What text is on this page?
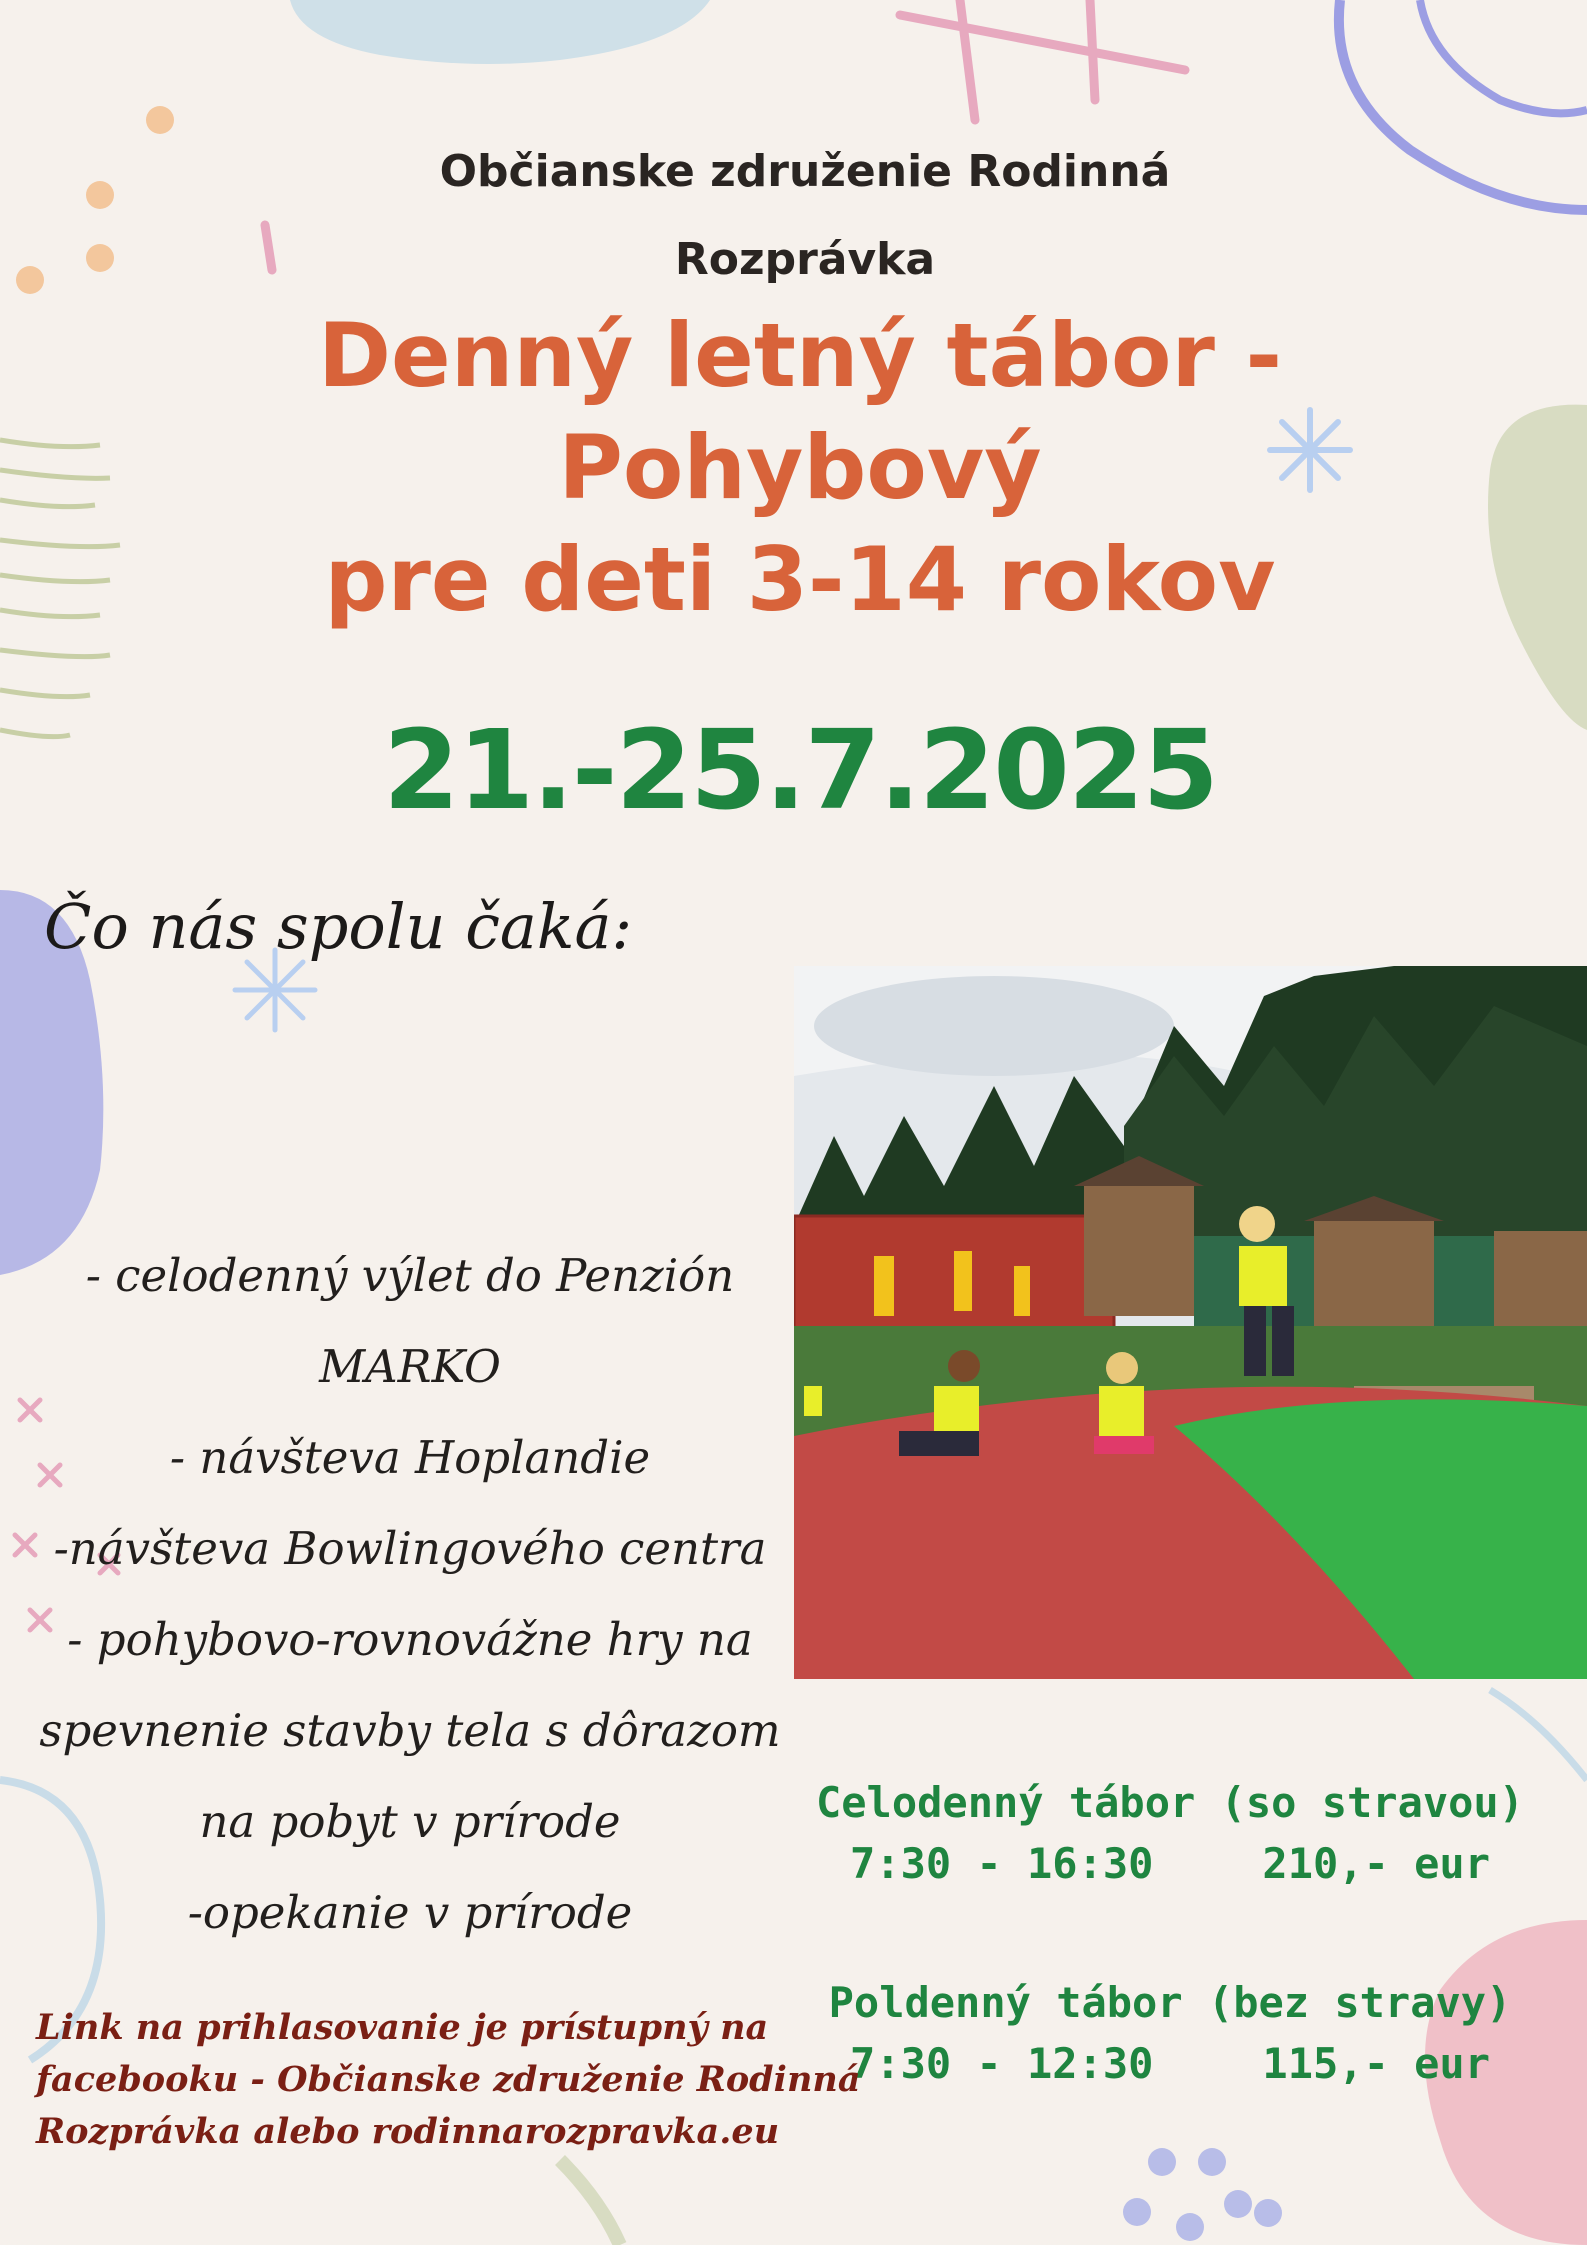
Občianske združenie Rodinná
Rozprávka
Denný letný tábor -
Pohybový
pre deti 3-14 rokov
21.-25.7.2025
Čo nás spolu čaká:
- celodenný výlet do Penzión
MARKO
- návšteva Hoplandie
-návšteva Bowlingového centra
- pohybovo-rovnovážne hry na
spevnenie stavby tela s dôrazom
na pobyt v prírode
-opekanie v prírode
Celodenný tábor (so stravou)
7:30 - 16:30	210,- eur
Poldenný tábor (bez stravy)
7:30 - 12:30	115,- eur
Link na prihlasovanie je prístupný na
facebooku - Občianske združenie Rodinná
Rozprávka alebo rodinnarozpravka.eu
